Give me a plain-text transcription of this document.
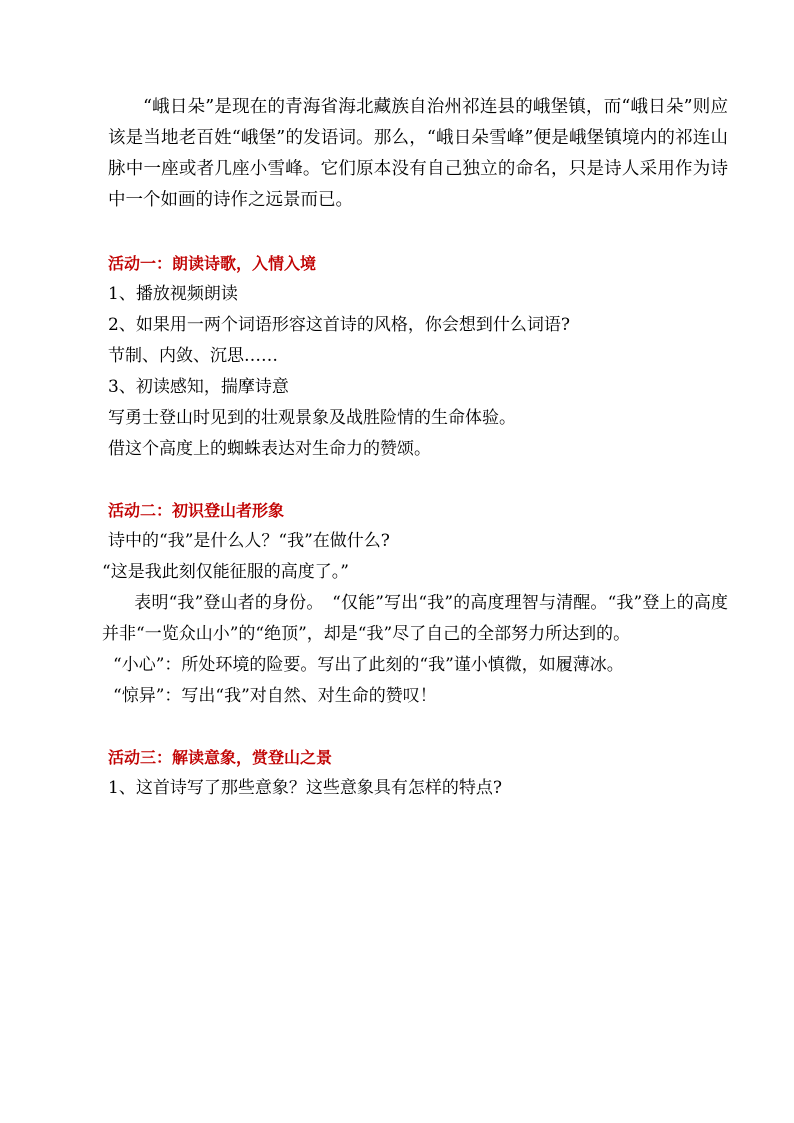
“峨日朵”是现在的青海省海北藏族自治州祁连县的峨堡镇，而“峨日朵”则应该是当地老百姓“峨堡”的发语词。那么，“峨日朵雪峰”便是峨堡镇境内的祁连山脉中一座或者几座小雪峰。它们原本没有自己独立的命名，只是诗人采用作为诗中一个如画的诗作之远景而已。

活动一：朗读诗歌，入情入境

1、播放视频朗读

2、如果用一两个词语形容这首诗的风格，你会想到什么词语?

节制、内敛、沉思……

3、初读感知，揣摩诗意

写勇士登山时见到的壮观景象及战胜险情的生命体验。

借这个高度上的蜘蛛表达对生命力的赞颂。

活动二：初识登山者形象

诗中的“我”是什么人？“我”在做什么?

“这是我此刻仅能征服的高度了。”

表明“我”登山者的身份。　“仅能”写出“我”的高度理智与清醒。“我”登上的高度并非“一览众山小”的“绝顶”，却是“我”尽了自己的全部努力所达到的。

“小心”：所处环境的险要。写出了此刻的“我”谨小慎微，如履薄冰。

“惊异”：写出“我”对自然、对生命的赞叹！

活动三：解读意象，赏登山之景

1、这首诗写了那些意象？这些意象具有怎样的特点?
